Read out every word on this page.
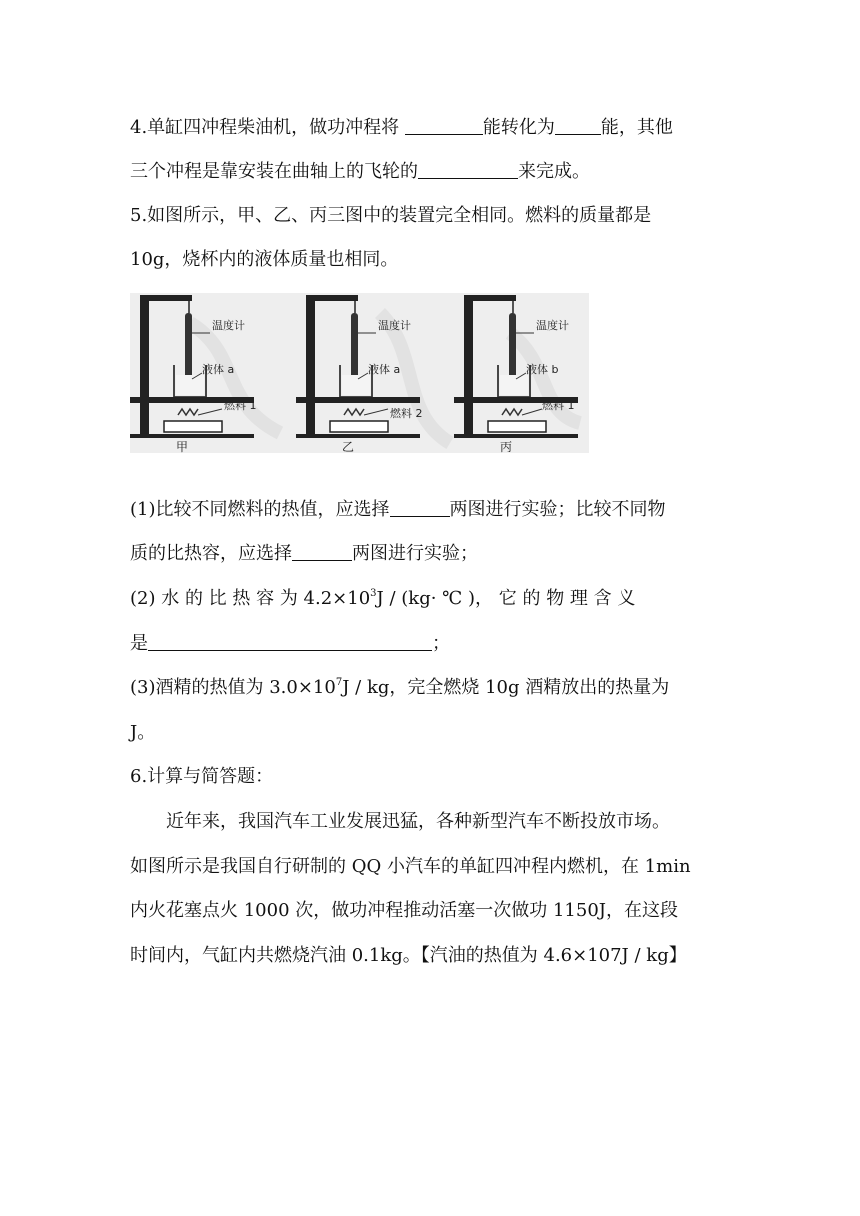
4.单缸四冲程柴油机，做功冲程将	能转化为	能，其他
三个冲程是靠安装在曲轴上的飞轮的	来完成。
5.如图所示，甲、乙、丙三图中的装置完全相同。燃料的质量都是
10g，烧杯内的液体质量也相同。
温度计
液体 a
燃料 1
甲
温度计
液体 a
燃料 2
乙
温度计
液体 b
燃料 1
丙
(1)比较不同燃料的热值，应选择	两图进行实验；比较不同物
质的比热容，应选择	两图进行实验；
(2) 水 的 比 热 容 为 $4.2\times 10^3J / (kg\cdot$ ℃ )， 它 的 物 理 含 义
是	；
(3)酒精的热值为 $3.0\times 10^7J$ / kg，完全燃烧 10g 酒精放出的热量为
J。
6.计算与简答题：
近年来，我国汽车工业发展迅猛，各种新型汽车不断投放市场。
如图所示是我国自行研制的 QQ 小汽车的单缸四冲程内燃机，在 1min
内火花塞点火 1000 次，做功冲程推动活塞一次做功 1150J，在这段
时间内，气缸内共燃烧汽油 0.1kg。【汽油的热值为 4.6×107J / kg】
